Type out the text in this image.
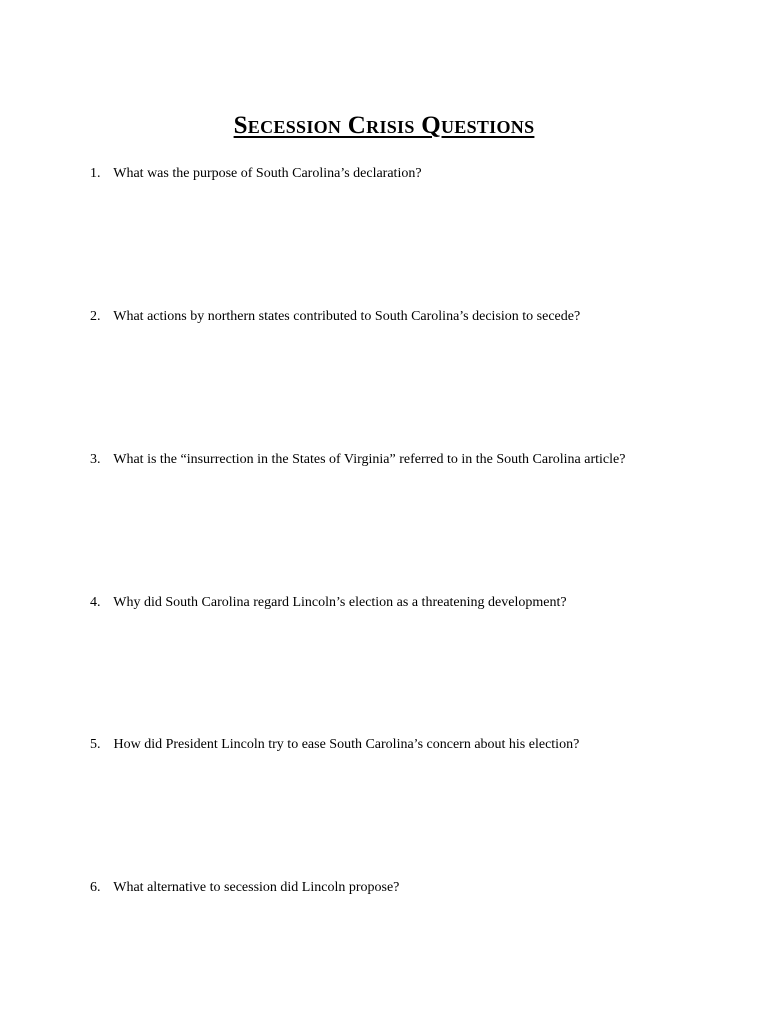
Secession Crisis Questions
1. What was the purpose of South Carolina’s declaration?
2. What actions by northern states contributed to South Carolina’s decision to secede?
3. What is the “insurrection in the States of Virginia” referred to in the South Carolina article?
4. Why did South Carolina regard Lincoln’s election as a threatening development?
5. How did President Lincoln try to ease South Carolina’s concern about his election?
6. What alternative to secession did Lincoln propose?
